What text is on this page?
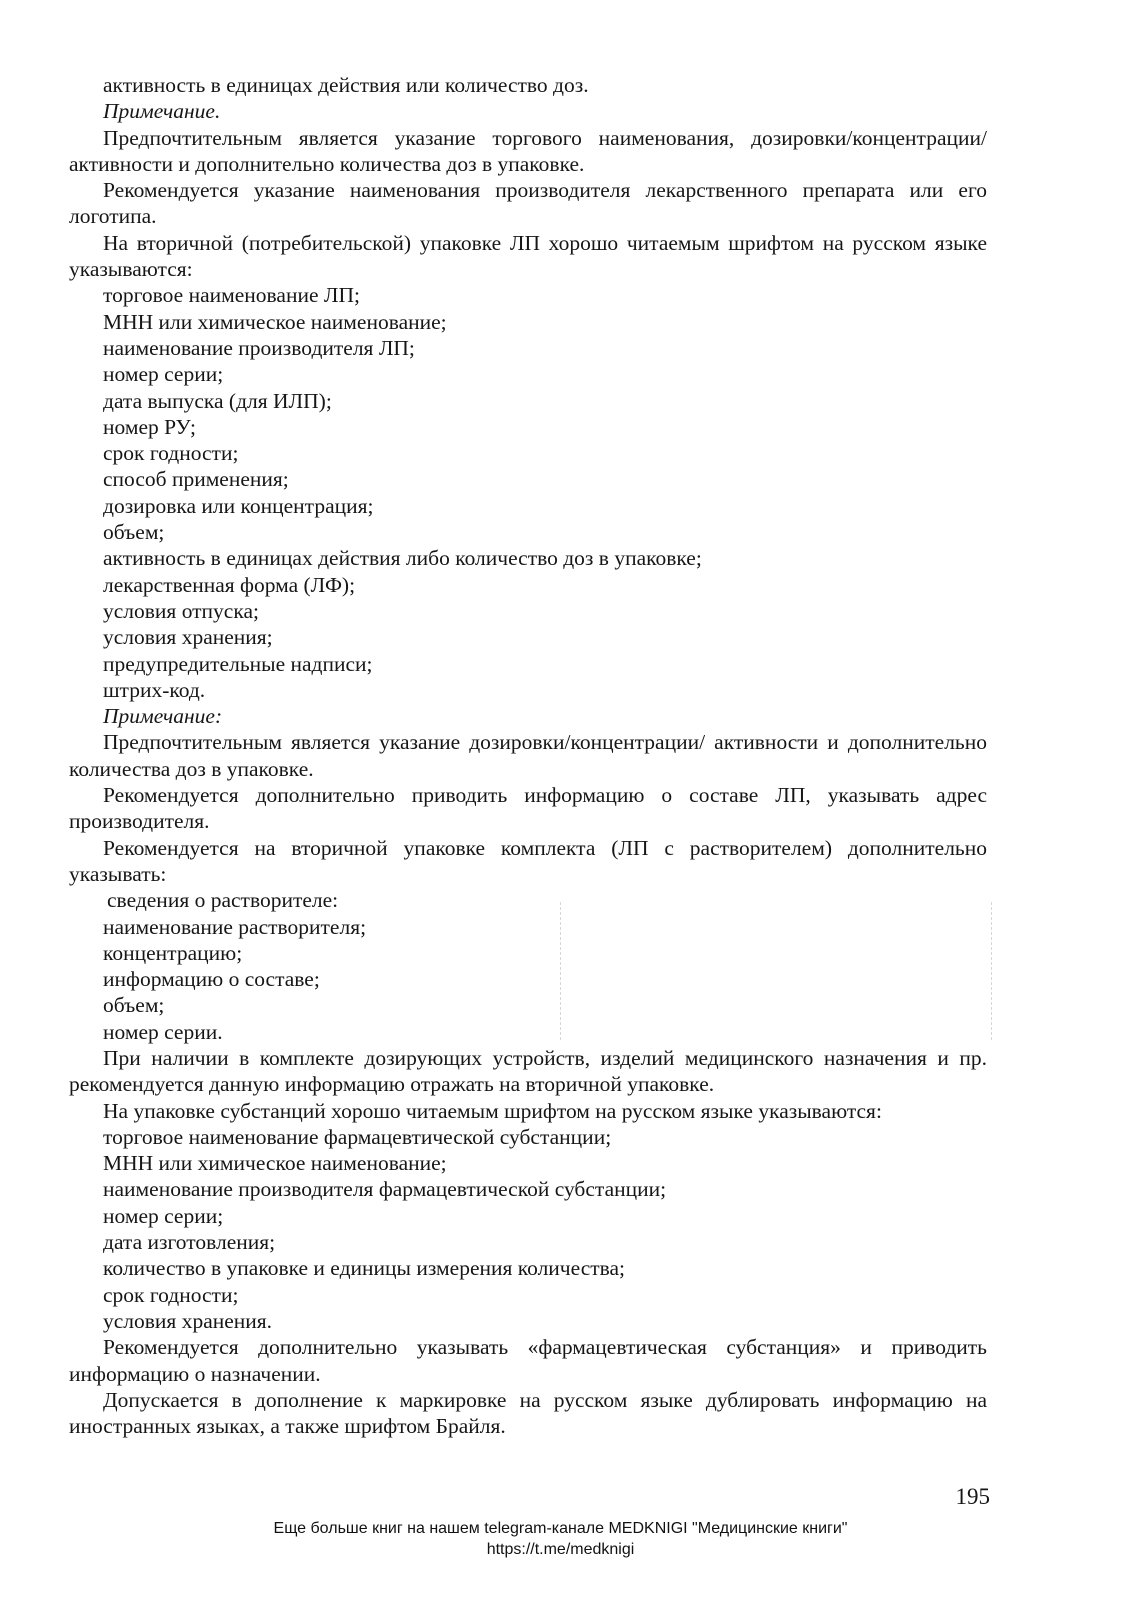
активность в единицах действия или количество доз.

Примечание.

Предпочтительным является указание торгового наименования, дозировки/концентрации/активности и дополнительно количества доз в упаковке.

Рекомендуется указание наименования производителя лекарственного препарата или его логотипа.

На вторичной (потребительской) упаковке ЛП хорошо читаемым шрифтом на русском языке указываются:

торговое наименование ЛП;

МНН или химическое наименование;

наименование производителя ЛП;

номер серии;

дата выпуска (для ИЛП);

номер РУ;

срок годности;

способ применения;

дозировка или концентрация;

объем;

активность в единицах действия либо количество доз в упаковке;

лекарственная форма (ЛФ);

условия отпуска;

условия хранения;

предупредительные надписи;

штрих-код.

Примечание:

Предпочтительным является указание дозировки/концентрации/ активности и дополнительно количества доз в упаковке.

Рекомендуется дополнительно приводить информацию о составе ЛП, указывать адрес производителя.

Рекомендуется на вторичной упаковке комплекта (ЛП с растворителем) дополнительно указывать:

сведения о растворителе:

наименование растворителя;

концентрацию;

информацию о составе;

объем;

номер серии.

При наличии в комплекте дозирующих устройств, изделий медицинского назначения и пр. рекомендуется данную информацию отражать на вторичной упаковке.

На упаковке субстанций хорошо читаемым шрифтом на русском языке указываются:

торговое наименование фармацевтической субстанции;

МНН или химическое наименование;

наименование производителя фармацевтической субстанции;

номер серии;

дата изготовления;

количество в упаковке и единицы измерения количества;

срок годности;

условия хранения.

Рекомендуется дополнительно указывать «фармацевтическая субстанция» и приводить информацию о назначении.

Допускается в дополнение к маркировке на русском языке дублировать информацию на иностранных языках, а также шрифтом Брайля.

195
Еще больше книг на нашем telegram-канале MEDKNIGI "Медицинские книги"
https://t.me/medknigi
